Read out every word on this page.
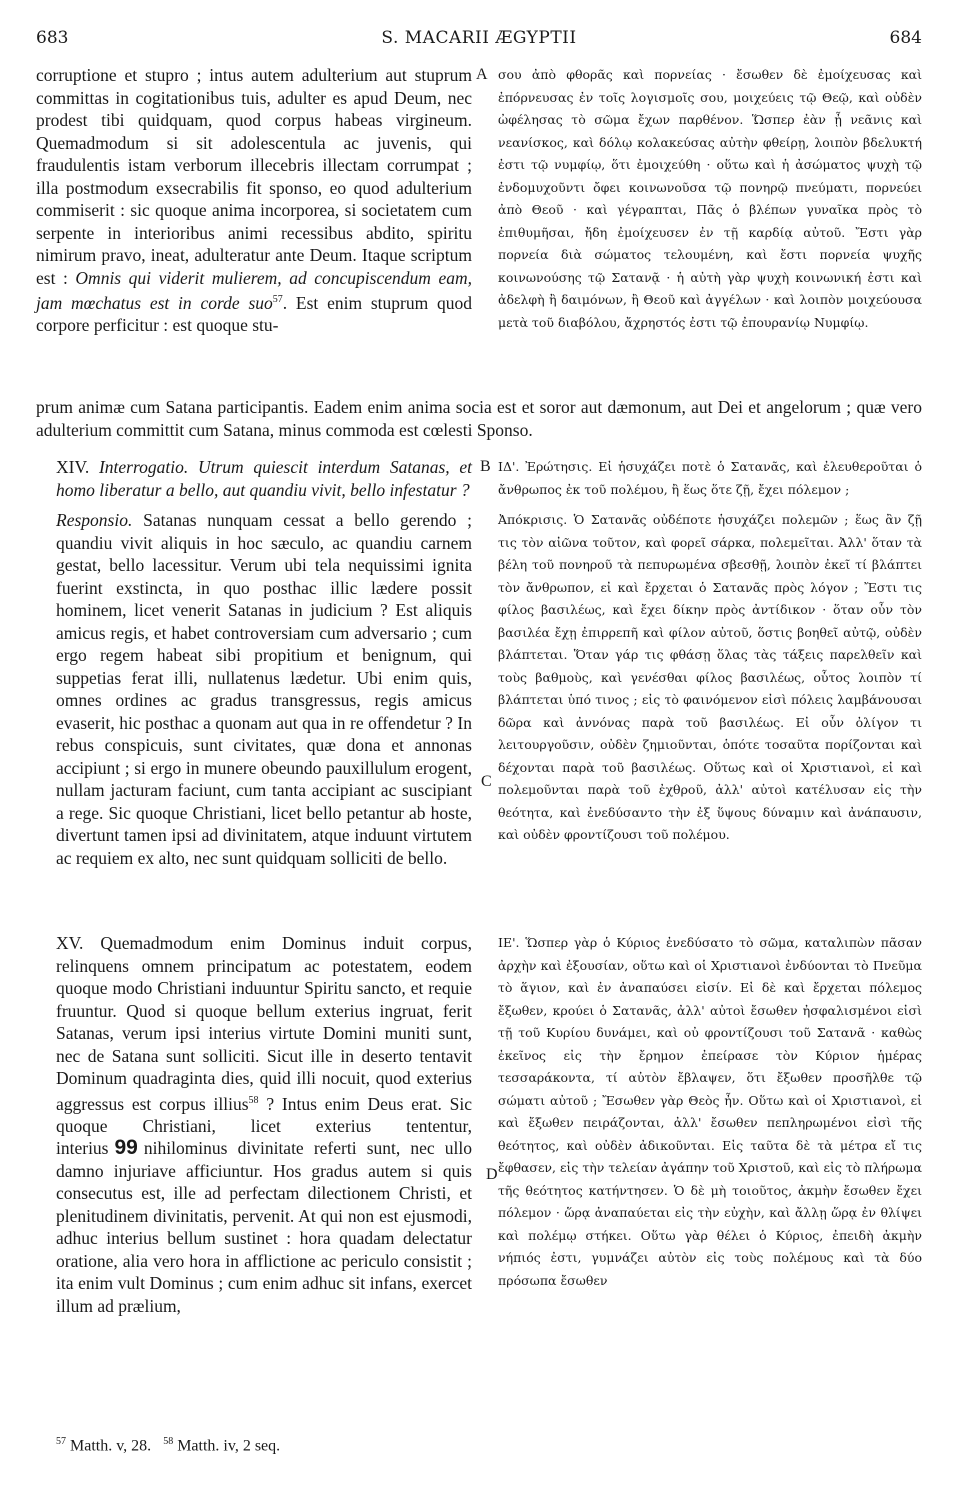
683	S. MACARII ÆGYPTII	684
corruptione et stupro ; intus autem adulterium aut stuprum committas in cogitationibus tuis, adulter es apud Deum, nec prodest tibi quidquam, quod corpus habeas virgineum. Quemadmodum si sit adolescentula ac juvenis, qui fraudulentis istam verborum illecebris illectam corrumpat ; illa postmodum exsecrabilis fit sponso, eo quod adulterium commiserit : sic quoque anima incorporea, si societatem cum serpente in interioribus animi recessibus abdito, spiritu nimirum pravo, ineat, adulteratur ante Deum. Itaque scriptum est : Omnis qui viderit mulierem, ad concupiscendum eam, jam mœchatus est in corde suo$^{57}$. Est enim stuprum quod corpore perficitur : est quoque stu-
A σου ἀπὸ φθορᾶς καὶ πορνείας · ἔσωθεν δὲ ἐμοίχευσας καὶ ἐπόρνευσας ἐν τοῖς λογισμοῖς σου, μοιχεύεις τῷ Θεῷ, καὶ οὐδὲν ὠφέλησας τὸ σῶμα ἔχων παρθένον. Ὥσπερ ἐὰν ᾖ νεᾶνις καὶ νεανίσκος, καὶ δόλῳ κολακεύσας αὐτὴν φθείρῃ, λοιπὸν βδελυκτή ἐστι τῷ νυμφίῳ, ὅτι ἐμοιχεύθη · οὕτω καὶ ἡ ἀσώματος ψυχὴ τῷ ἐνδομυχοῦντι ὄφει κοινωνοῦσα τῷ πονηρῷ πνεύματι, πορνεύει ἀπὸ Θεοῦ · καὶ γέγραπται, Πᾶς ὁ βλέπων γυναῖκα πρὸς τὸ ἐπιθυμῆσαι, ἤδη ἐμοίχευσεν ἐν τῇ καρδίᾳ αὐτοῦ. Ἔστι γὰρ πορνεία διὰ σώματος τελουμένη, καὶ ἔστι πορνεία ψυχῆς κοινωνούσης τῷ Σατανᾷ · ἡ αὐτὴ γὰρ ψυχὴ κοινωνική ἐστι καὶ ἀδελφὴ ἢ δαιμόνων, ἢ Θεοῦ καὶ ἀγγέλων · καὶ λοιπὸν μοιχεύουσα μετὰ τοῦ διαβόλου, ἄχρηστός ἐστι τῷ ἐπουρανίῳ Νυμφίῳ.
prum animæ cum Satana participantis. Eadem enim anima socia est et soror aut dæmonum, aut Dei et angelorum ; quæ vero adulterium committit cum Satana, minus commoda est cœlesti Sponso.

XIV. Interrogatio. Utrum quiescit interdum Satanas, et homo liberatur a bello, aut quandiu vivit, bello infestatur ?

Responsio. Satanas nunquam cessat a bello gerendo ; quandiu vivit aliquis in hoc sæculo, ac quandiu carnem gestat, bello lacessitur. Verum ubi tela nequissimi ignita fuerint exstincta, in quo posthac illic lædere possit hominem, licet venerit Satanas in judicium ? Est aliquis amicus regis, et habet controversiam cum adversario ; cum ergo regem habeat sibi propitium et benignum, qui suppetias ferat illi, nullatenus lædetur. Ubi enim quis, omnes ordines ac gradus transgressus, regis amicus evaserit, hic posthac a quonam aut qua in re offendetur ? In rebus conspicuis, sunt civitates, quæ dona et annonas accipiunt ; si ergo in munere obeundo pauxillulum erogent, nullam jacturam faciunt, cum tanta accipiant ac suscipiant a rege. Sic quoque Christiani, licet bello petantur ab hoste, divertunt tamen ipsi ad divinitatem, atque induunt virtutem ac requiem ex alto, nec sunt quidquam solliciti de bello.

B ΙΔ'. Ἐρώτησις. Εἰ ἡσυχάζει ποτὲ ὁ Σατανᾶς, καὶ ἐλευθεροῦται ὁ ἄνθρωπος ἐκ τοῦ πολέμου, ἢ ἕως ὅτε ζῇ, ἔχει πόλεμον ;

Ἀπόκρισις. Ὁ Σατανᾶς οὐδέποτε ἡσυχάζει πολεμῶν ; ἕως ἂν ζῇ τις τὸν αἰῶνα τοῦτον, καὶ φορεῖ σάρκα, πολεμεῖται. Ἀλλ' ὅταν τὰ βέλη τοῦ πονηροῦ τὰ πεπυρωμένα σβεσθῇ, λοιπὸν ἐκεῖ τί βλάπτει τὸν ἄνθρωπον, εἰ καὶ ἔρχεται ὁ Σατανᾶς πρὸς λόγον ; Ἔστι τις φίλος βασιλέως, καὶ ἔχει δίκην πρὸς ἀντίδικον · ὅταν οὖν τὸν βασιλέα ἔχῃ ἐπιρρεπῆ καὶ φίλον αὐτοῦ, ὅστις βοηθεῖ αὐτῷ, οὐδὲν βλάπτεται. Ὅταν γάρ τις φθάσῃ ὅλας τὰς τάξεις παρελθεῖν καὶ τοὺς βαθμοὺς, καὶ γενέσθαι φίλος βασιλέως, οὗτος λοιπὸν τί βλάπτεται ὑπό τινος ; εἰς τὸ φαινόμενον εἰσὶ πόλεις λαμβάνουσαι δῶρα καὶ ἀννόνας παρὰ τοῦ βασιλέως. Εἰ οὖν ὀλίγον τι λειτουργοῦσιν, οὐδὲν ζημιοῦνται, ὁπότε τοσαῦτα πορίζονται καὶ δέχονται παρὰ τοῦ βασιλέως. Οὕτως καὶ οἱ Χριστιανοὶ, εἰ καὶ πολεμοῦνται παρὰ τοῦ ἐχθροῦ, ἀλλ' αὐτοὶ κατέλυσαν εἰς τὴν θεότητα, καὶ ἐνεδύσαντο τὴν ἐξ ὕψους δύναμιν καὶ ἀνάπαυσιν, καὶ οὐδὲν φροντίζουσι τοῦ πολέμου.

C
XV. Quemadmodum enim Dominus induit corpus, relinquens omnem principatum ac potestatem, eodem quoque modo Christiani induuntur Spiritu sancto, et requie fruuntur. Quod si quoque bellum exterius ingruat, ferit Satanas, verum ipsi interius virtute Domini muniti sunt, nec de Satana sunt solliciti. Sicut ille in deserto tentavit Dominum quadraginta dies, quid illi nocuit, quod exterius aggressus est corpus illius$^{58}$ ? Intus enim Deus erat. Sic quoque Christiani, licet exterius tententur, interius 99 nihilominus divinitate referti sunt, nec ullo damno injuriave afficiuntur. Hos gradus autem si quis consecutus est, ille ad perfectam dilectionem Christi, et plenitudinem divinitatis, pervenit. At qui non est ejusmodi, adhuc interius bellum sustinet : hora quadam delectatur oratione, alia vero hora in afflictione ac periculo consistit ; ita enim vult Dominus ; cum enim adhuc sit infans, exercet illum ad prælium,
D
ΙΕ'. Ὥσπερ γὰρ ὁ Κύριος ἐνεδύσατο τὸ σῶμα, καταλιπὼν πᾶσαν ἀρχὴν καὶ ἐξουσίαν, οὕτω καὶ οἱ Χριστιανοὶ ἐνδύονται τὸ Πνεῦμα τὸ ἅγιον, καὶ ἐν ἀναπαύσει εἰσίν. Εἰ δὲ καὶ ἔρχεται πόλεμος ἔξωθεν, κρούει ὁ Σατανᾶς, ἀλλ' αὐτοὶ ἔσωθεν ἠσφαλισμένοι εἰσὶ τῇ τοῦ Κυρίου δυνάμει, καὶ οὐ φροντίζουσι τοῦ Σατανᾶ · καθὼς ἐκεῖνος εἰς τὴν ἔρημον ἐπείρασε τὸν Κύριον ἡμέρας τεσσαράκοντα, τί αὐτὸν ἔβλαψεν, ὅτι ἔξωθεν προσῆλθε τῷ σώματι αὐτοῦ ; Ἔσωθεν γὰρ Θεὸς ἦν. Οὕτω καὶ οἱ Χριστιανοὶ, εἰ καὶ ἔξωθεν πειράζονται, ἀλλ' ἔσωθεν πεπληρωμένοι εἰσὶ τῆς θεότητος, καὶ οὐδὲν ἀδικοῦνται. Εἰς ταῦτα δὲ τὰ μέτρα εἴ τις ἔφθασεν, εἰς τὴν τελείαν ἀγάπην τοῦ Χριστοῦ, καὶ εἰς τὸ πλήρωμα τῆς θεότητος κατήντησεν. Ὁ δὲ μὴ τοιοῦτος, ἀκμὴν ἔσωθεν ἔχει πόλεμον · ὥρᾳ ἀναπαύεται εἰς τὴν εὐχὴν, καὶ ἄλλῃ ὥρᾳ ἐν θλίψει καὶ πολέμῳ στήκει. Οὕτω γὰρ θέλει ὁ Κύριος, ἐπειδὴ ἀκμὴν νήπιός ἐστι, γυμνάζει αὐτὸν εἰς τοὺς πολέμους καὶ τὰ δύο πρόσωπα ἔσωθεν
$^{57}$ Matth. v, 28. $^{58}$ Matth. iv, 2 seq.
